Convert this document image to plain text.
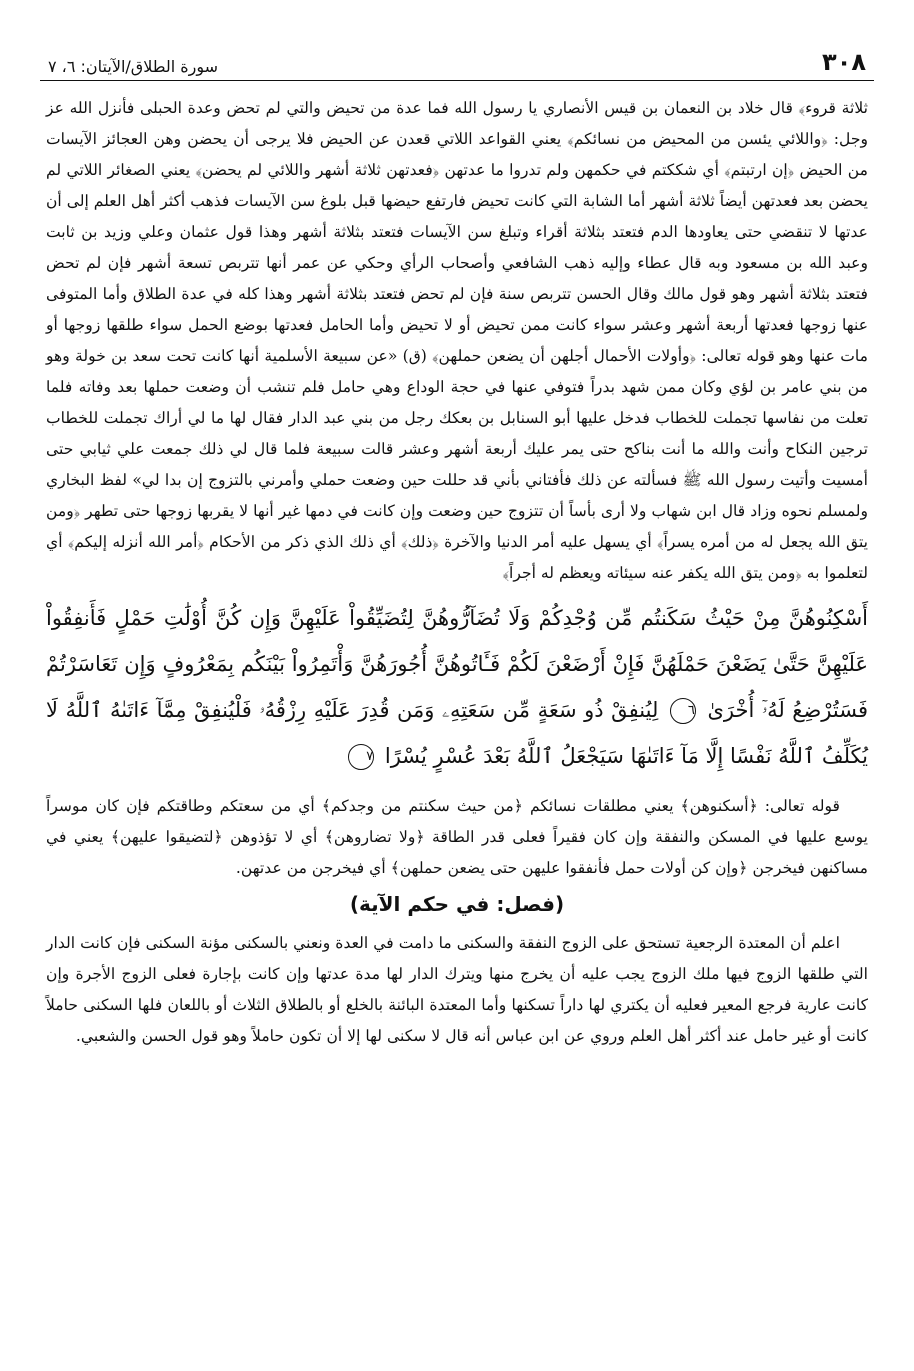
٣٠٨
سورة الطلاق/الآيتان: ٦، ٧

ثلاثة قروء﴾ قال خلاد بن النعمان بن قيس الأنصاري يا رسول الله فما عدة من تحيض والتي لم تحض وعدة الحبلى فأنزل الله عز وجل: ﴿واللائي يئسن من المحيض من نسائكم﴾ يعني القواعد اللاتي قعدن عن الحيض فلا يرجى أن يحضن وهن العجائز الآيسات من الحيض ﴿إن ارتبتم﴾ أي شككتم في حكمهن ولم تدروا ما عدتهن ﴿فعدتهن ثلاثة أشهر واللائي لم يحضن﴾ يعني الصغائر اللاتي لم يحضن بعد فعدتهن أيضاً ثلاثة أشهر أما الشابة التي كانت تحيض فارتفع حيضها قبل بلوغ سن الآيسات فذهب أكثر أهل العلم إلى أن عدتها لا تنقضي حتى يعاودها الدم فتعتد بثلاثة أقراء وتبلغ سن الآيسات فتعتد بثلاثة أشهر وهذا قول عثمان وعلي وزيد بن ثابت وعبد الله بن مسعود وبه قال عطاء وإليه ذهب الشافعي وأصحاب الرأي وحكي عن عمر أنها تتربص تسعة أشهر فإن لم تحض فتعتد بثلاثة أشهر وهو قول مالك وقال الحسن تتربص سنة فإن لم تحض فتعتد بثلاثة أشهر وهذا كله في عدة الطلاق وأما المتوفى عنها زوجها فعدتها أربعة أشهر وعشر سواء كانت ممن تحيض أو لا تحيض وأما الحامل فعدتها بوضع الحمل سواء طلقها زوجها أو مات عنها وهو قوله تعالى: ﴿وأولات الأحمال أجلهن أن يضعن حملهن﴾ (ق) «عن سبيعة الأسلمية أنها كانت تحت سعد بن خولة وهو من بني عامر بن لؤي وكان ممن شهد بدراً فتوفي عنها في حجة الوداع وهي حامل فلم تنشب أن وضعت حملها بعد وفاته فلما تعلت من نفاسها تجملت للخطاب فدخل عليها أبو السنابل بن بعكك رجل من بني عبد الدار فقال لها ما لي أراك تجملت للخطاب ترجين النكاح وأنت والله ما أنت بناكح حتى يمر عليك أربعة أشهر وعشر قالت سبيعة فلما قال لي ذلك جمعت علي ثيابي حتى أمسيت وأتيت رسول الله ﷺ فسألته عن ذلك فأفتاني بأني قد حللت حين وضعت حملي وأمرني بالتزوج إن بدا لي» لفظ البخاري ولمسلم نحوه وزاد قال ابن شهاب ولا أرى بأساً أن تتزوج حين وضعت وإن كانت في دمها غير أنها لا يقربها زوجها حتى تطهر ﴿ومن يتق الله يجعل له من أمره يسراً﴾ أي يسهل عليه أمر الدنيا والآخرة ﴿ذلك﴾ أي ذلك الذي ذكر من الأحكام ﴿أمر الله أنزله إليكم﴾ أي لتعلموا به ﴿ومن يتق الله يكفر عنه سيئاته ويعظم له أجراً﴾

أَسْكِنُوهُنَّ مِنْ حَيْثُ سَكَنتُم مِّن وُجْدِكُمْ وَلَا تُضَآرُّوهُنَّ لِتُضَيِّقُواْ عَلَيْهِنَّ وَإِن كُنَّ أُوْلَٰتِ حَمْلٍ فَأَنفِقُواْ عَلَيْهِنَّ حَتَّىٰ يَضَعْنَ حَمْلَهُنَّ فَإِنْ أَرْضَعْنَ لَكُمْ فَـَٔاتُوهُنَّ أُجُورَهُنَّ وَأْتَمِرُواْ بَيْنَكُم بِمَعْرُوفٍ وَإِن تَعَاسَرْتُمْ فَسَتُرْضِعُ لَهُۥٓ أُخْرَىٰ ٦ لِيُنفِقْ ذُو سَعَةٍ مِّن سَعَتِهِۦ وَمَن قُدِرَ عَلَيْهِ رِزْقُهُۥ فَلْيُنفِقْ مِمَّآ ءَاتَىٰهُ ٱللَّهُ لَا يُكَلِّفُ ٱللَّهُ نَفْسًا إِلَّا مَآ ءَاتَىٰهَا سَيَجْعَلُ ٱللَّهُ بَعْدَ عُسْرٍ يُسْرًا ٧

قوله تعالى: ﴿أسكنوهن﴾ يعني مطلقات نسائكم ﴿من حيث سكنتم من وجدكم﴾ أي من سعتكم وطاقتكم فإن كان موسراً يوسع عليها في المسكن والنفقة وإن كان فقيراً فعلى قدر الطاقة ﴿ولا تضاروهن﴾ أي لا تؤذوهن ﴿لتضيقوا عليهن﴾ يعني في مساكنهن فيخرجن ﴿وإن كن أولات حمل فأنفقوا عليهن حتى يضعن حملهن﴾ أي فيخرجن من عدتهن.

(فصل: في حكم الآية)

اعلم أن المعتدة الرجعية تستحق على الزوج النفقة والسكنى ما دامت في العدة ونعني بالسكنى مؤنة السكنى فإن كانت الدار التي طلقها الزوج فيها ملك الزوج يجب عليه أن يخرج منها ويترك الدار لها مدة عدتها وإن كانت بإجارة فعلى الزوج الأجرة وإن كانت عارية فرجع المعير فعليه أن يكتري لها داراً تسكنها وأما المعتدة البائنة بالخلع أو بالطلاق الثلاث أو باللعان فلها السكنى حاملاً كانت أو غير حامل عند أكثر أهل العلم وروي عن ابن عباس أنه قال لا سكنى لها إلا أن تكون حاملاً وهو قول الحسن والشعبي.
